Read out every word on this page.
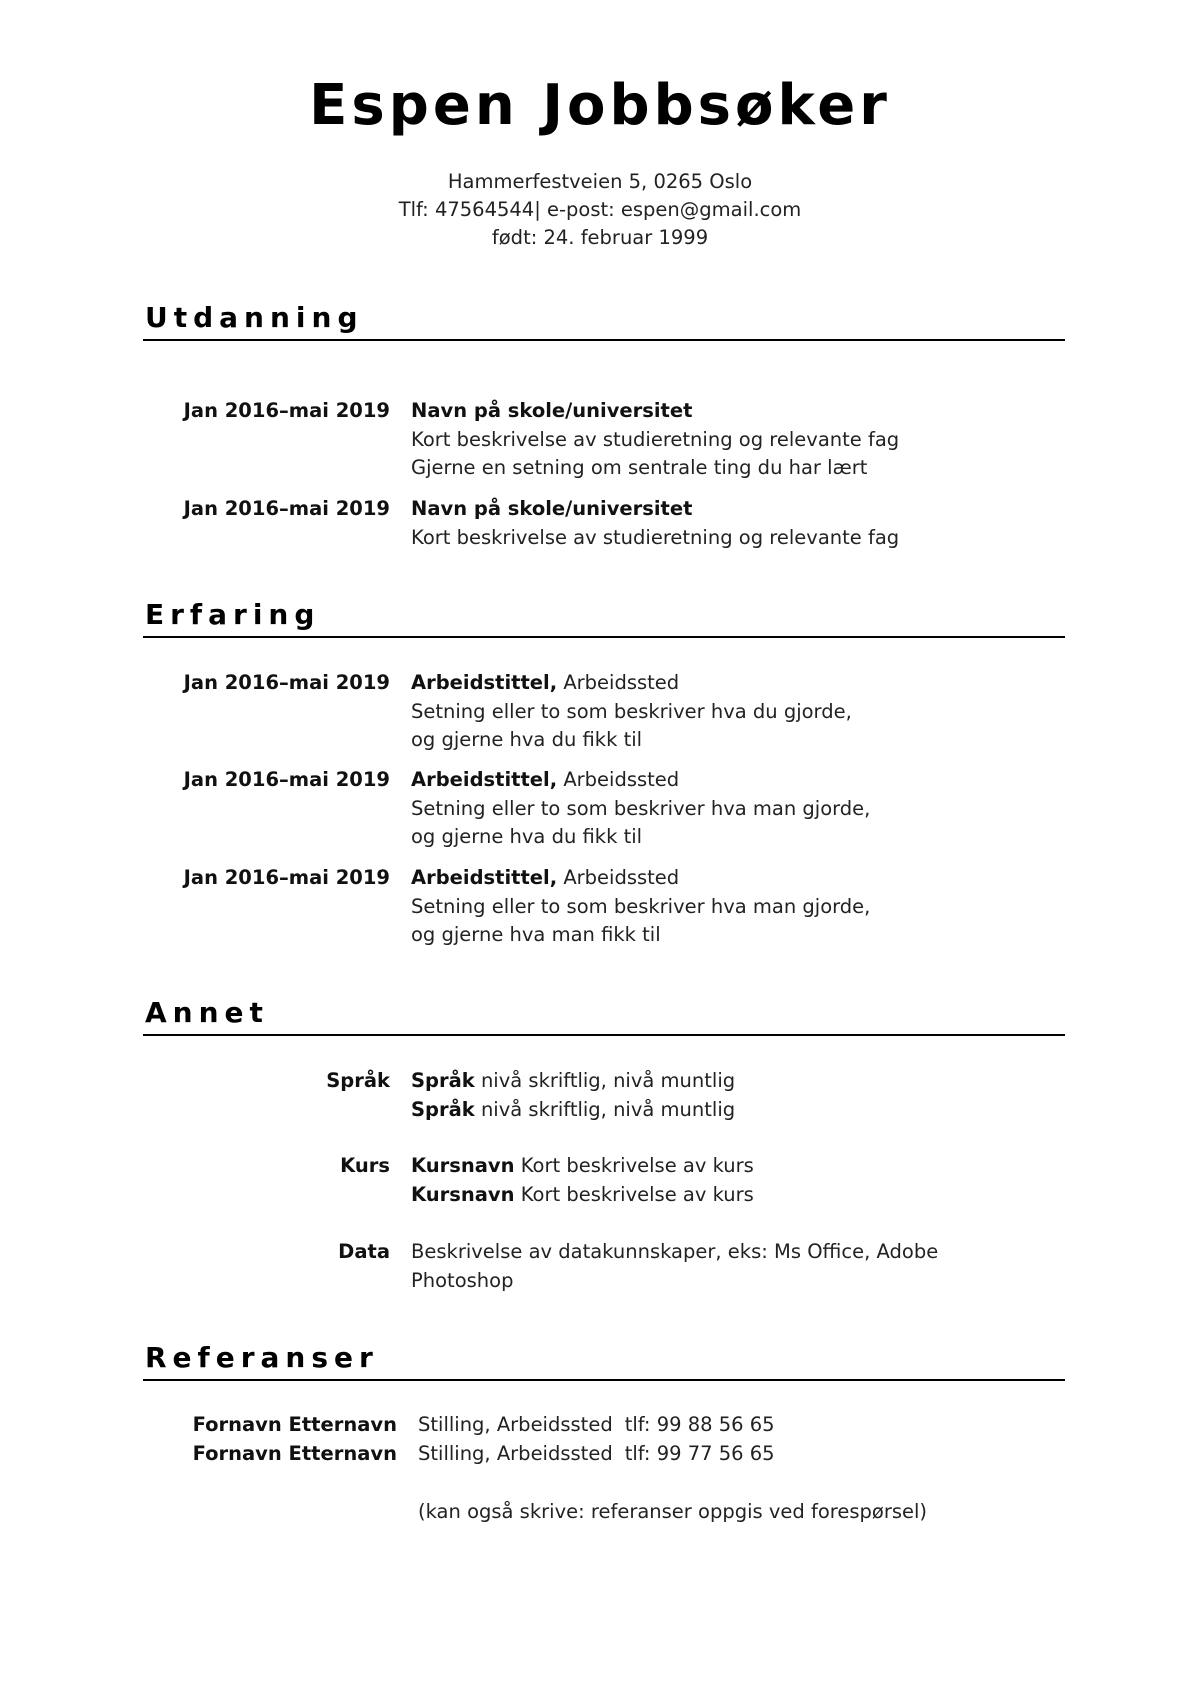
Espen Jobbsøker
Hammerfestveien 5, 0265 Oslo
Tlf: 47564544| e-post: espen@gmail.com
født: 24. februar 1999
Utdanning
Jan 2016–mai 2019 Navn på skole/universitet
Kort beskrivelse av studieretning og relevante fag
Gjerne en setning om sentrale ting du har lært
Jan 2016–mai 2019 Navn på skole/universitet
Kort beskrivelse av studieretning og relevante fag
Erfaring
Jan 2016–mai 2019 Arbeidstittel, Arbeidssted
Setning eller to som beskriver hva du gjorde,
og gjerne hva du fikk til
Jan 2016–mai 2019 Arbeidstittel, Arbeidssted
Setning eller to som beskriver hva man gjorde,
og gjerne hva du fikk til
Jan 2016–mai 2019 Arbeidstittel, Arbeidssted
Setning eller to som beskriver hva man gjorde,
og gjerne hva man fikk til
Annet
Språk Språk nivå skriftlig, nivå muntlig
Språk nivå skriftlig, nivå muntlig
Kurs Kursnavn Kort beskrivelse av kurs
Kursnavn Kort beskrivelse av kurs
Data Beskrivelse av datakunnskaper, eks: Ms Office, Adobe
Photoshop
Referanser
Fornavn Etternavn Stilling, Arbeidssted tlf: 99 88 56 65
Fornavn Etternavn Stilling, Arbeidssted tlf: 99 77 56 65
(kan også skrive: referanser oppgis ved forespørsel)
